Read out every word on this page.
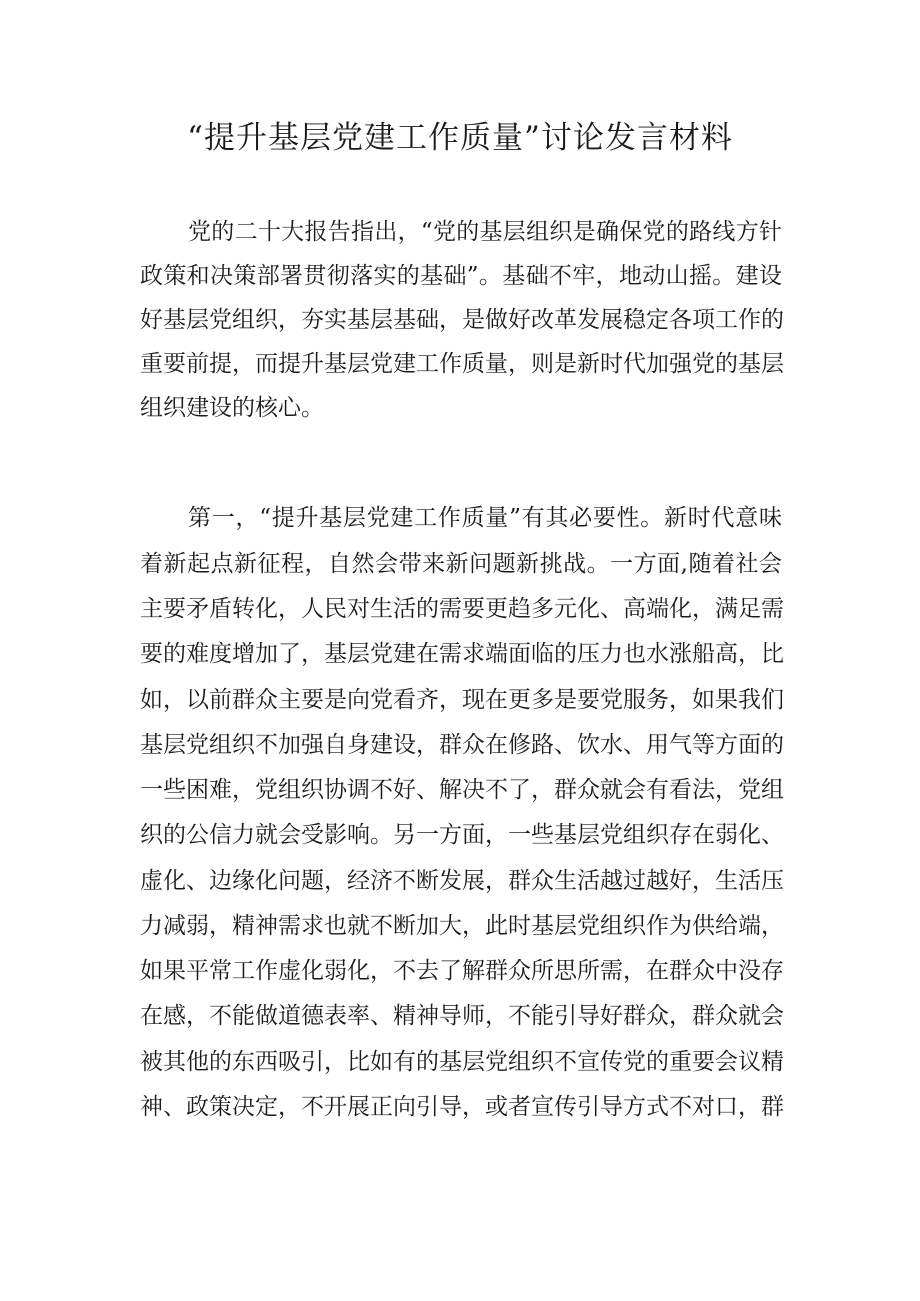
“提升基层党建工作质量”讨论发言材料

党的二十大报告指出，“党的基层组织是确保党的路线方针

政策和决策部署贯彻落实的基础”。基础不牢，地动山摇。建设

好基层党组织，夯实基层基础，是做好改革发展稳定各项工作的

重要前提，而提升基层党建工作质量，则是新时代加强党的基层

组织建设的核心。

第一，“提升基层党建工作质量”有其必要性。新时代意味

着新起点新征程，自然会带来新问题新挑战。一方面,随着社会

主要矛盾转化，人民对生活的需要更趋多元化、高端化，满足需

要的难度增加了，基层党建在需求端面临的压力也水涨船高，比

如，以前群众主要是向党看齐，现在更多是要党服务，如果我们

基层党组织不加强自身建设，群众在修路、饮水、用气等方面的

一些困难，党组织协调不好、解决不了，群众就会有看法，党组

织的公信力就会受影响。另一方面，一些基层党组织存在弱化、

虚化、边缘化问题，经济不断发展，群众生活越过越好，生活压

力减弱，精神需求也就不断加大，此时基层党组织作为供给端，

如果平常工作虚化弱化，不去了解群众所思所需，在群众中没存

在感，不能做道德表率、精神导师，不能引导好群众，群众就会

被其他的东西吸引，比如有的基层党组织不宣传党的重要会议精

神、政策决定，不开展正向引导，或者宣传引导方式不对口，群
